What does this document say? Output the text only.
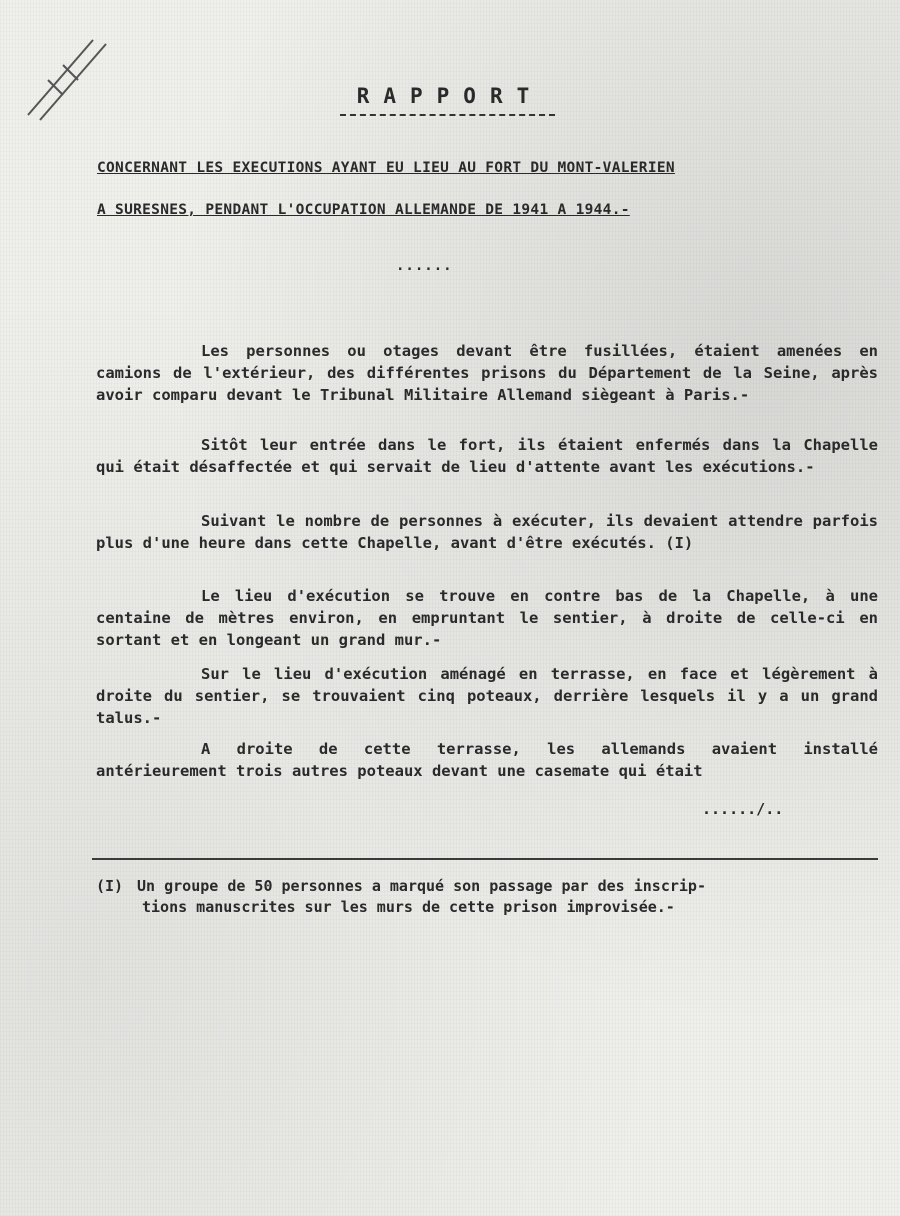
RAPPORT
CONCERNANT LES EXECUTIONS AYANT EU LIEU AU FORT DU MONT-VALERIEN
A SURESNES, PENDANT L'OCCUPATION ALLEMANDE DE 1941 A 1944.-
......
Les personnes ou otages devant être fusillées, étaient amenées en camions de l'extérieur, des différentes prisons du Département de la Seine, après avoir comparu devant le Tribunal Militaire Allemand siègeant à Paris.-
Sitôt leur entrée dans le fort, ils étaient enfermés dans la Chapelle qui était désaffectée et qui servait de lieu d'attente avant les exécutions.-
Suivant le nombre de personnes à exécuter, ils devaient attendre parfois plus d'une heure dans cette Chapelle, avant d'être exécutés. (I)
Le lieu d'exécution se trouve en contre bas de la Chapelle, à une centaine de mètres environ, en empruntant le sentier, à droite de celle-ci en sortant et en longeant un grand mur.-
Sur le lieu d'exécution aménagé en terrasse, en face et légèrement à droite du sentier, se trouvaient cinq poteaux, derrière lesquels il y a un grand talus.-
A droite de cette terrasse, les allemands avaient installé antérieurement trois autres poteaux devant une casemate qui était
....../..
(I) Un groupe de 50 personnes a marqué son passage par des inscrip-
tions manuscrites sur les murs de cette prison improvisée.-
